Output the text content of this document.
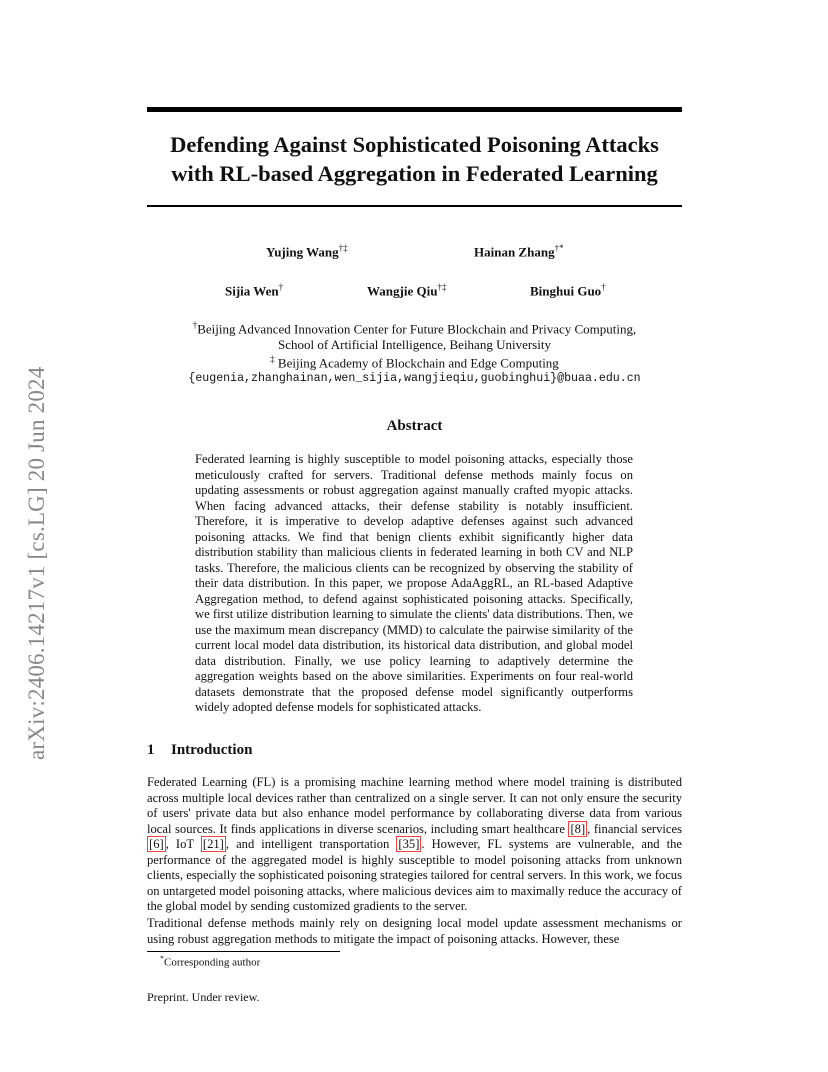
arXiv:2406.14217v1 [cs.LG] 20 Jun 2024
Defending Against Sophisticated Poisoning Attacks
with RL-based Aggregation in Federated Learning
Yujing Wang†‡	Hainan Zhang†*
Sijia Wen†	Wangjie Qiu†‡	Binghui Guo†
†Beijing Advanced Innovation Center for Future Blockchain and Privacy Computing,
School of Artificial Intelligence, Beihang University
‡ Beijing Academy of Blockchain and Edge Computing
{eugenia,zhanghainan,wen_sijia,wangjieqiu,guobinghui}@buaa.edu.cn
Abstract

Federated learning is highly susceptible to model poisoning attacks, especially those meticulously crafted for servers. Traditional defense methods mainly focus on updating assessments or robust aggregation against manually crafted myopic attacks. When facing advanced attacks, their defense stability is notably insufficient. Therefore, it is imperative to develop adaptive defenses against such advanced poisoning attacks. We find that benign clients exhibit significantly higher data distribution stability than malicious clients in federated learning in both CV and NLP tasks. Therefore, the malicious clients can be recognized by observing the stability of their data distribution. In this paper, we propose AdaAggRL, an RL-based Adaptive Aggregation method, to defend against sophisticated poisoning attacks. Specifically, we first utilize distribution learning to simulate the clients' data distributions. Then, we use the maximum mean discrepancy (MMD) to calculate the pairwise similarity of the current local model data distribution, its historical data distribution, and global model data distribution. Finally, we use policy learning to adaptively determine the aggregation weights based on the above similarities. Experiments on four real-world datasets demonstrate that the proposed defense model significantly outperforms widely adopted defense models for sophisticated attacks.

1 Introduction

Federated Learning (FL) is a promising machine learning method where model training is distributed across multiple local devices rather than centralized on a single server. It can not only ensure the security of users' private data but also enhance model performance by collaborating diverse data from various local sources. It finds applications in diverse scenarios, including smart healthcare [8] , financial services [6] , IoT [21] , and intelligent transportation [35] . However, FL systems are vulnerable, and the performance of the aggregated model is highly susceptible to model poisoning attacks from unknown clients, especially the sophisticated poisoning strategies tailored for central servers. In this work, we focus on untargeted model poisoning attacks, where malicious devices aim to maximally reduce the accuracy of the global model by sending customized gradients to the server.

Traditional defense methods mainly rely on designing local model update assessment mechanisms or using robust aggregation methods to mitigate the impact of poisoning attacks. However, these

*Corresponding author
Preprint. Under review.
